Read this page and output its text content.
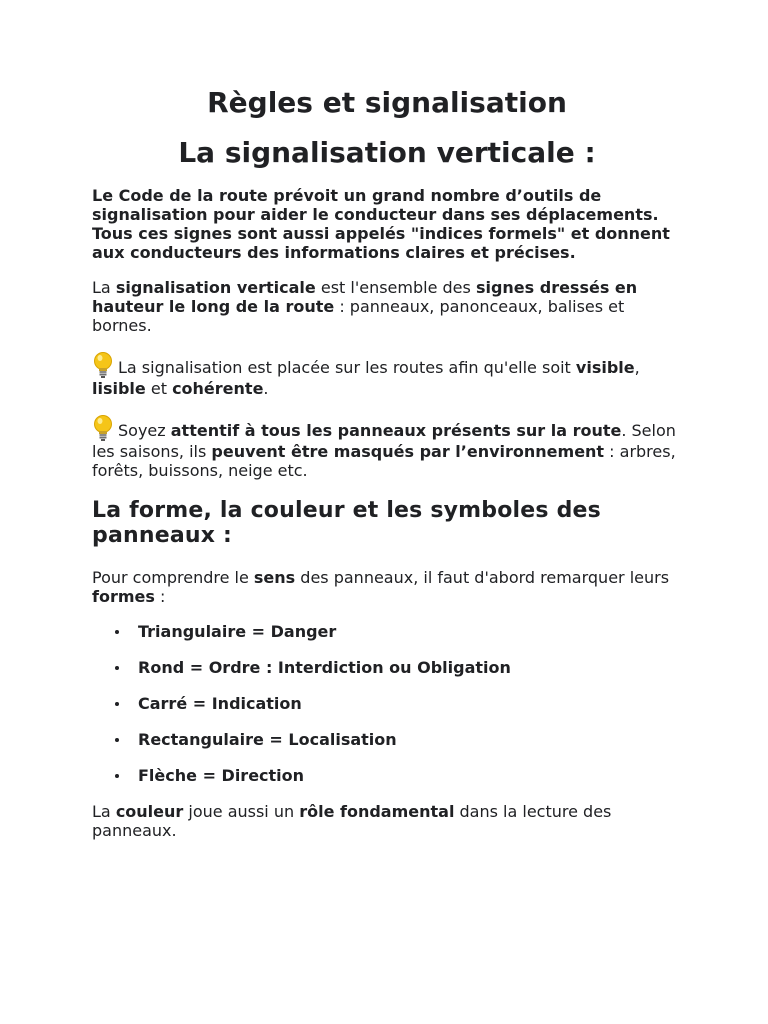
Règles et signalisation
La signalisation verticale :

Le Code de la route prévoit un grand nombre d’outils de signalisation pour aider le conducteur dans ses déplacements. Tous ces signes sont aussi appelés "indices formels" et donnent aux conducteurs des informations claires et précises.

La signalisation verticale est l'ensemble des signes dressés en hauteur le long de la route : panneaux, panonceaux, balises et bornes.

La signalisation est placée sur les routes afin qu'elle soit visible, lisible et cohérente.

Soyez attentif à tous les panneaux présents sur la route. Selon les saisons, ils peuvent être masqués par l’environnement : arbres, forêts, buissons, neige etc.

La forme, la couleur et les symboles des panneaux :

Pour comprendre le sens des panneaux, il faut d'abord remarquer leurs formes :

Triangulaire = Danger
Rond = Ordre : Interdiction ou Obligation
Carré = Indication
Rectangulaire = Localisation
Flèche = Direction

La couleur joue aussi un rôle fondamental dans la lecture des panneaux.
